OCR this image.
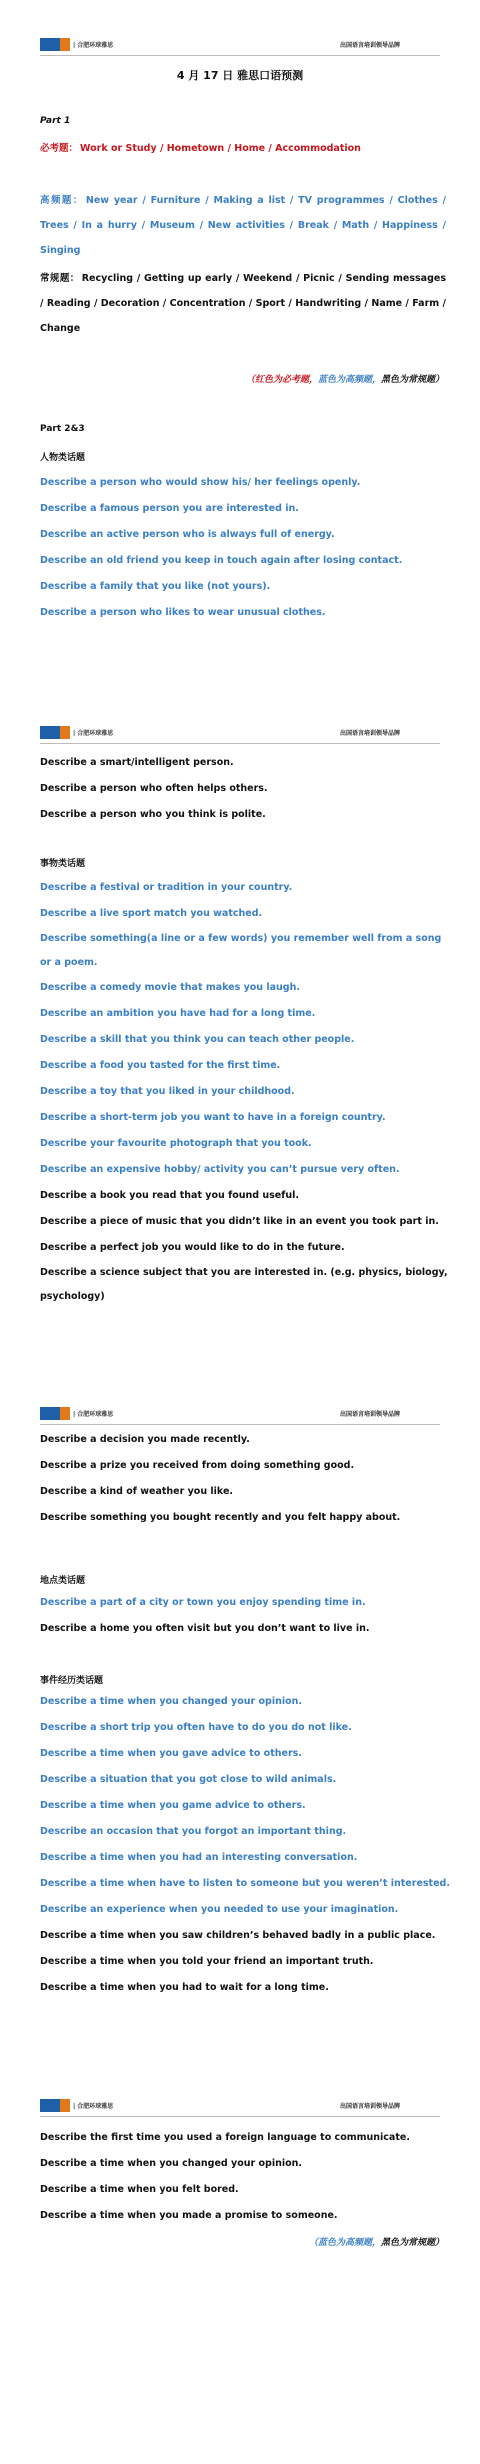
| 合肥环球雅思	出国语言培训领导品牌
4 月 17 日 雅思口语预测
Part 1
必考题： Work or Study / Hometown / Home / Accommodation
高频题： New year / Furniture / Making a list / TV programmes / Clothes / Trees / In a hurry / Museum / New activities / Break / Math / Happiness / Singing
常规题： Recycling / Getting up early / Weekend / Picnic / Sending messages / Reading / Decoration / Concentration / Sport / Handwriting / Name / Farm / Change
（红色为必考题，蓝色为高频题，黑色为常规题）
Part 2&3
人物类话题
Describe a person who would show his/ her feelings openly.
Describe a famous person you are interested in.
Describe an active person who is always full of energy.
Describe an old friend you keep in touch again after losing contact.
Describe a family that you like (not yours).
Describe a person who likes to wear unusual clothes.
| 合肥环球雅思	出国语言培训领导品牌
Describe a smart/intelligent person.
Describe a person who often helps others.
Describe a person who you think is polite.
事物类话题
Describe a festival or tradition in your country.
Describe a live sport match you watched.
Describe something(a line or a few words) you remember well from a song or a poem.
Describe a comedy movie that makes you laugh.
Describe an ambition you have had for a long time.
Describe a skill that you think you can teach other people.
Describe a food you tasted for the first time.
Describe a toy that you liked in your childhood.
Describe a short-term job you want to have in a foreign country.
Describe your favourite photograph that you took.
Describe an expensive hobby/ activity you can’t pursue very often.
Describe a book you read that you found useful.
Describe a piece of music that you didn’t like in an event you took part in.
Describe a perfect job you would like to do in the future.
Describe a science subject that you are interested in. (e.g. physics, biology, psychology)
| 合肥环球雅思	出国语言培训领导品牌
Describe a decision you made recently.
Describe a prize you received from doing something good.
Describe a kind of weather you like.
Describe something you bought recently and you felt happy about.
地点类话题
Describe a part of a city or town you enjoy spending time in.
Describe a home you often visit but you don’t want to live in.
事件经历类话题
Describe a time when you changed your opinion.
Describe a short trip you often have to do you do not like.
Describe a time when you gave advice to others.
Describe a situation that you got close to wild animals.
Describe a time when you game advice to others.
Describe an occasion that you forgot an important thing.
Describe a time when you had an interesting conversation.
Describe a time when have to listen to someone but you weren’t interested.
Describe an experience when you needed to use your imagination.
Describe a time when you saw children’s behaved badly in a public place.
Describe a time when you told your friend an important truth.
Describe a time when you had to wait for a long time.
| 合肥环球雅思	出国语言培训领导品牌
Describe the first time you used a foreign language to communicate.
Describe a time when you changed your opinion.
Describe a time when you felt bored.
Describe a time when you made a promise to someone.
（蓝色为高频题，黑色为常规题）
